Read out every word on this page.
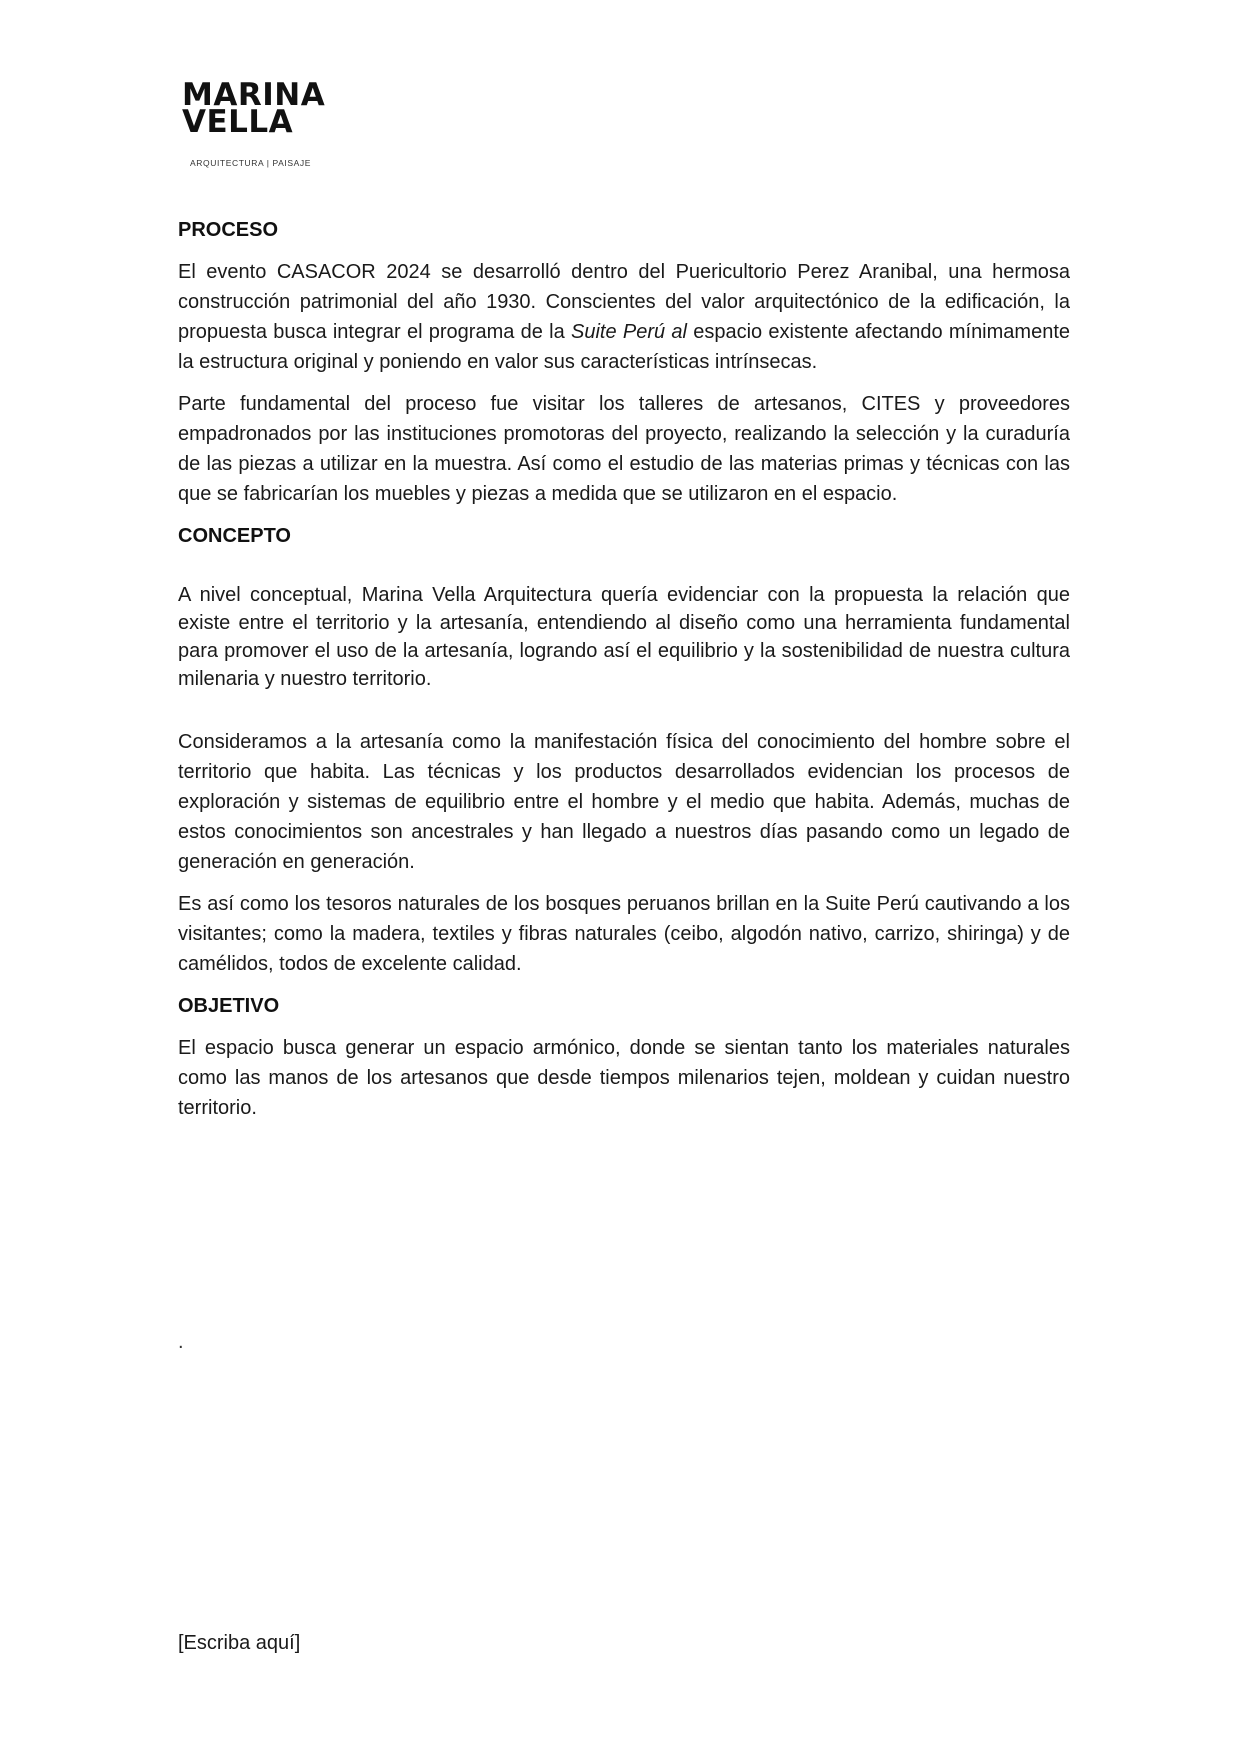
MARINA
VELLA
ARQUITECTURA | PAISAJE
PROCESO

El evento CASACOR 2024 se desarrolló dentro del Puericultorio Perez Aranibal, una hermosa construcción patrimonial del año 1930. Conscientes del valor arquitectónico de la edificación, la propuesta busca integrar el programa de la Suite Perú al espacio existente afectando mínimamente la estructura original y poniendo en valor sus características intrínsecas.

Parte fundamental del proceso fue visitar los talleres de artesanos, CITES y proveedores empadronados por las instituciones promotoras del proyecto, realizando la selección y la curaduría de las piezas a utilizar en la muestra. Así como el estudio de las materias primas y técnicas con las que se fabricarían los muebles y piezas a medida que se utilizaron en el espacio.

CONCEPTO

A nivel conceptual, Marina Vella Arquitectura quería evidenciar con la propuesta la relación que existe entre el territorio y la artesanía, entendiendo al diseño como una herramienta fundamental para promover el uso de la artesanía, logrando así el equilibrio y la sostenibilidad de nuestra cultura milenaria y nuestro territorio.

Consideramos a la artesanía como la manifestación física del conocimiento del hombre sobre el territorio que habita. Las técnicas y los productos desarrollados evidencian los procesos de exploración y sistemas de equilibrio entre el hombre y el medio que habita. Además, muchas de estos conocimientos son ancestrales y han llegado a nuestros días pasando como un legado de generación en generación.

Es así como los tesoros naturales de los bosques peruanos brillan en la Suite Perú cautivando a los visitantes; como la madera, textiles y fibras naturales (ceibo, algodón nativo, carrizo, shiringa) y de camélidos, todos de excelente calidad.

OBJETIVO

El espacio busca generar un espacio armónico, donde se sientan tanto los materiales naturales como las manos de los artesanos que desde tiempos milenarios tejen, moldean y cuidan nuestro territorio.

.
[Escriba aquí]
